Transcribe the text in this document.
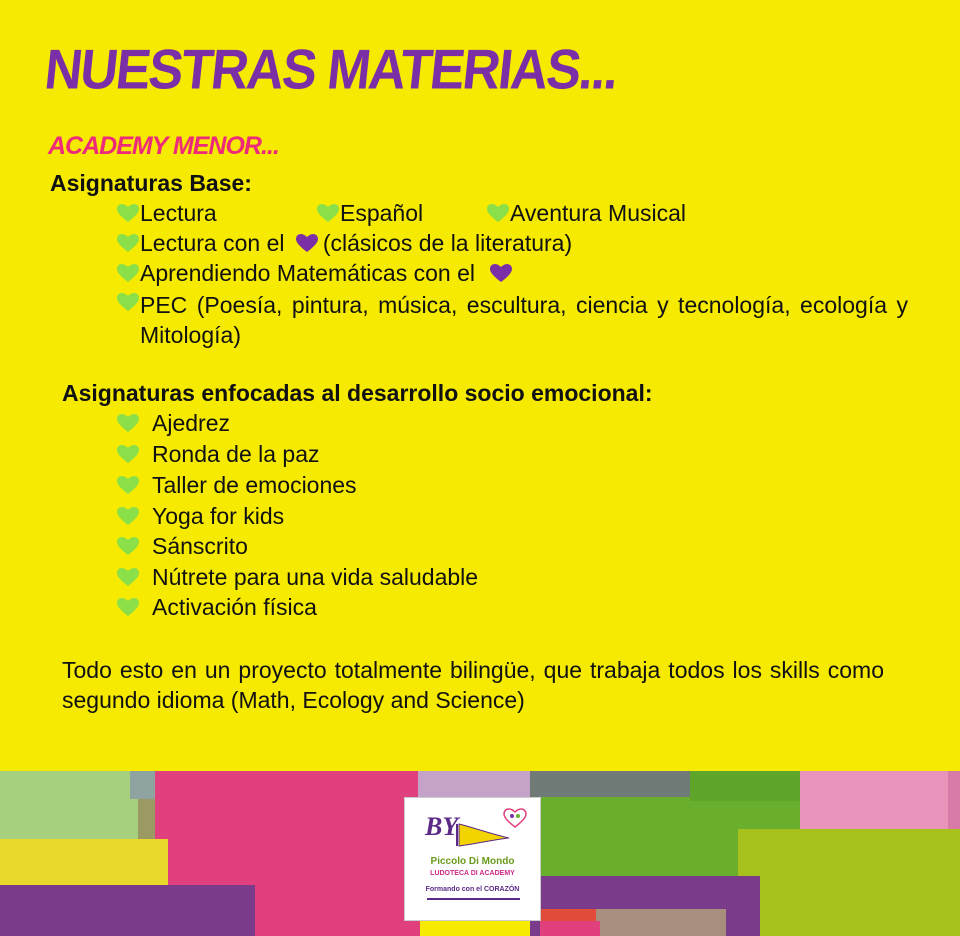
NUESTRAS MATERIAS...
ACADEMY MENOR...
Asignaturas Base:
Lectura	Español	Aventura Musical
Lectura con el (clásicos de la literatura)
Aprendiendo Matemáticas con el
PEC (Poesía, pintura, música, escultura, ciencia y tecnología, ecología y Mitología)
Asignaturas enfocadas al desarrollo socio emocional:
Ajedrez
Ronda de la paz
Taller de emociones
Yoga for kids
Sánscrito
Nútrete para una vida saludable
Activación física
Todo esto en un proyecto totalmente bilingüe, que trabaja todos los skills como segundo idioma (Math, Ecology and Science)
BY
Piccolo Di Mondo
LUDOTECA DI ACADEMY
Formando con el CORAZÓN
